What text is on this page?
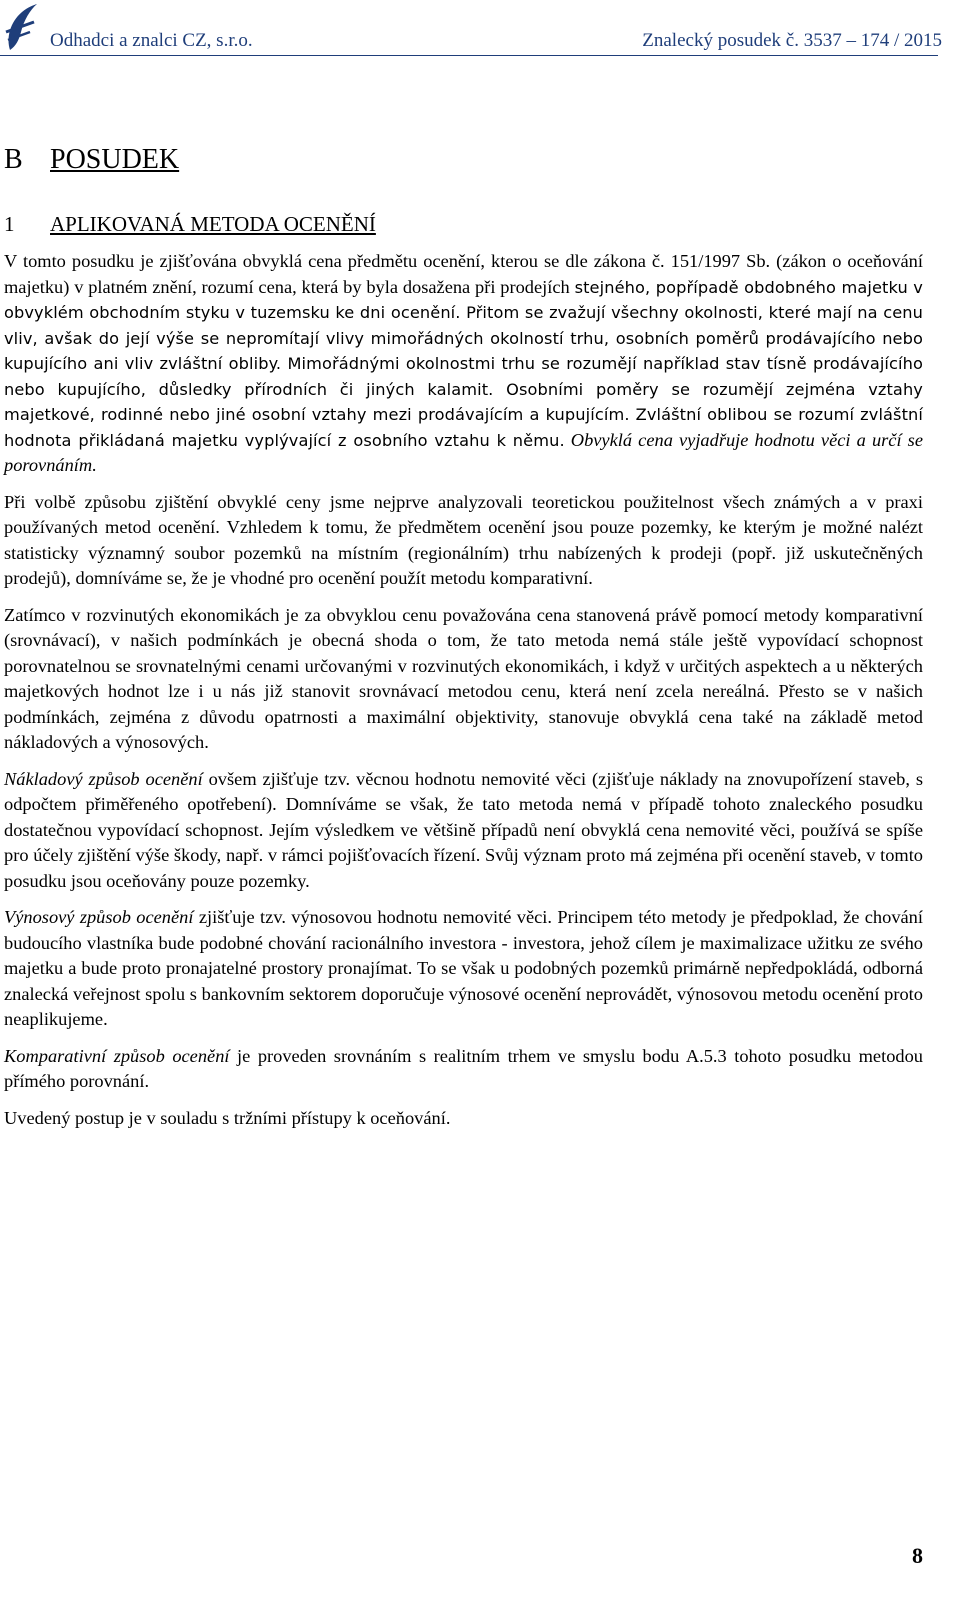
Odhadci a znalci CZ, s.r.o.	Znalecký posudek č. 3537 – 174 / 2015
B POSUDEK
1 APLIKOVANÁ METODA OCENĚNÍ

V tomto posudku je zjišťována obvyklá cena předmětu ocenění, kterou se dle zákona č. 151/1997 Sb. (zákon o oceňování majetku) v platném znění, rozumí cena, která by byla dosažena při prodejích stejného, popřípadě obdobného majetku v obvyklém obchodním styku v tuzemsku ke dni ocenění. Přitom se zvažují všechny okolnosti, které mají na cenu vliv, avšak do její výše se nepromítají vlivy mimořádných okolností trhu, osobních poměrů prodávajícího nebo kupujícího ani vliv zvláštní obliby. Mimořádnými okolnostmi trhu se rozumějí například stav tísně prodávajícího nebo kupujícího, důsledky přírodních či jiných kalamit. Osobními poměry se rozumějí zejména vztahy majetkové, rodinné nebo jiné osobní vztahy mezi prodávajícím a kupujícím. Zvláštní oblibou se rozumí zvláštní hodnota přikládaná majetku vyplývající z osobního vztahu k němu. Obvyklá cena vyjadřuje hodnotu věci a určí se porovnáním.

Při volbě způsobu zjištění obvyklé ceny jsme nejprve analyzovali teoretickou použitelnost všech známých a v praxi používaných metod ocenění. Vzhledem k tomu, že předmětem ocenění jsou pouze pozemky, ke kterým je možné nalézt statisticky významný soubor pozemků na místním (regionálním) trhu nabízených k prodeji (popř. již uskutečněných prodejů), domníváme se, že je vhodné pro ocenění použít metodu komparativní.

Zatímco v rozvinutých ekonomikách je za obvyklou cenu považována cena stanovená právě pomocí metody komparativní (srovnávací), v našich podmínkách je obecná shoda o tom, že tato metoda nemá stále ještě vypovídací schopnost porovnatelnou se srovnatelnými cenami určovanými v rozvinutých ekonomikách, i když v určitých aspektech a u některých majetkových hodnot lze i u nás již stanovit srovnávací metodou cenu, která není zcela nereálná. Přesto se v našich podmínkách, zejména z důvodu opatrnosti a maximální objektivity, stanovuje obvyklá cena také na základě metod nákladových a výnosových.

Nákladový způsob ocenění ovšem zjišťuje tzv. věcnou hodnotu nemovité věci (zjišťuje náklady na znovupořízení staveb, s odpočtem přiměřeného opotřebení). Domníváme se však, že tato metoda nemá v případě tohoto znaleckého posudku dostatečnou vypovídací schopnost. Jejím výsledkem ve většině případů není obvyklá cena nemovité věci, používá se spíše pro účely zjištění výše škody, např. v rámci pojišťovacích řízení. Svůj význam proto má zejména při ocenění staveb, v tomto posudku jsou oceňovány pouze pozemky.

Výnosový způsob ocenění zjišťuje tzv. výnosovou hodnotu nemovité věci. Principem této metody je předpoklad, že chování budoucího vlastníka bude podobné chování racionálního investora - investora, jehož cílem je maximalizace užitku ze svého majetku a bude proto pronajatelné prostory pronajímat. To se však u podobných pozemků primárně nepředpokládá, odborná znalecká veřejnost spolu s bankovním sektorem doporučuje výnosové ocenění neprovádět, výnosovou metodu ocenění proto neaplikujeme.

Komparativní způsob ocenění je proveden srovnáním s realitním trhem ve smyslu bodu A.5.3 tohoto posudku metodou přímého porovnání.

Uvedený postup je v souladu s tržními přístupy k oceňování.

8
